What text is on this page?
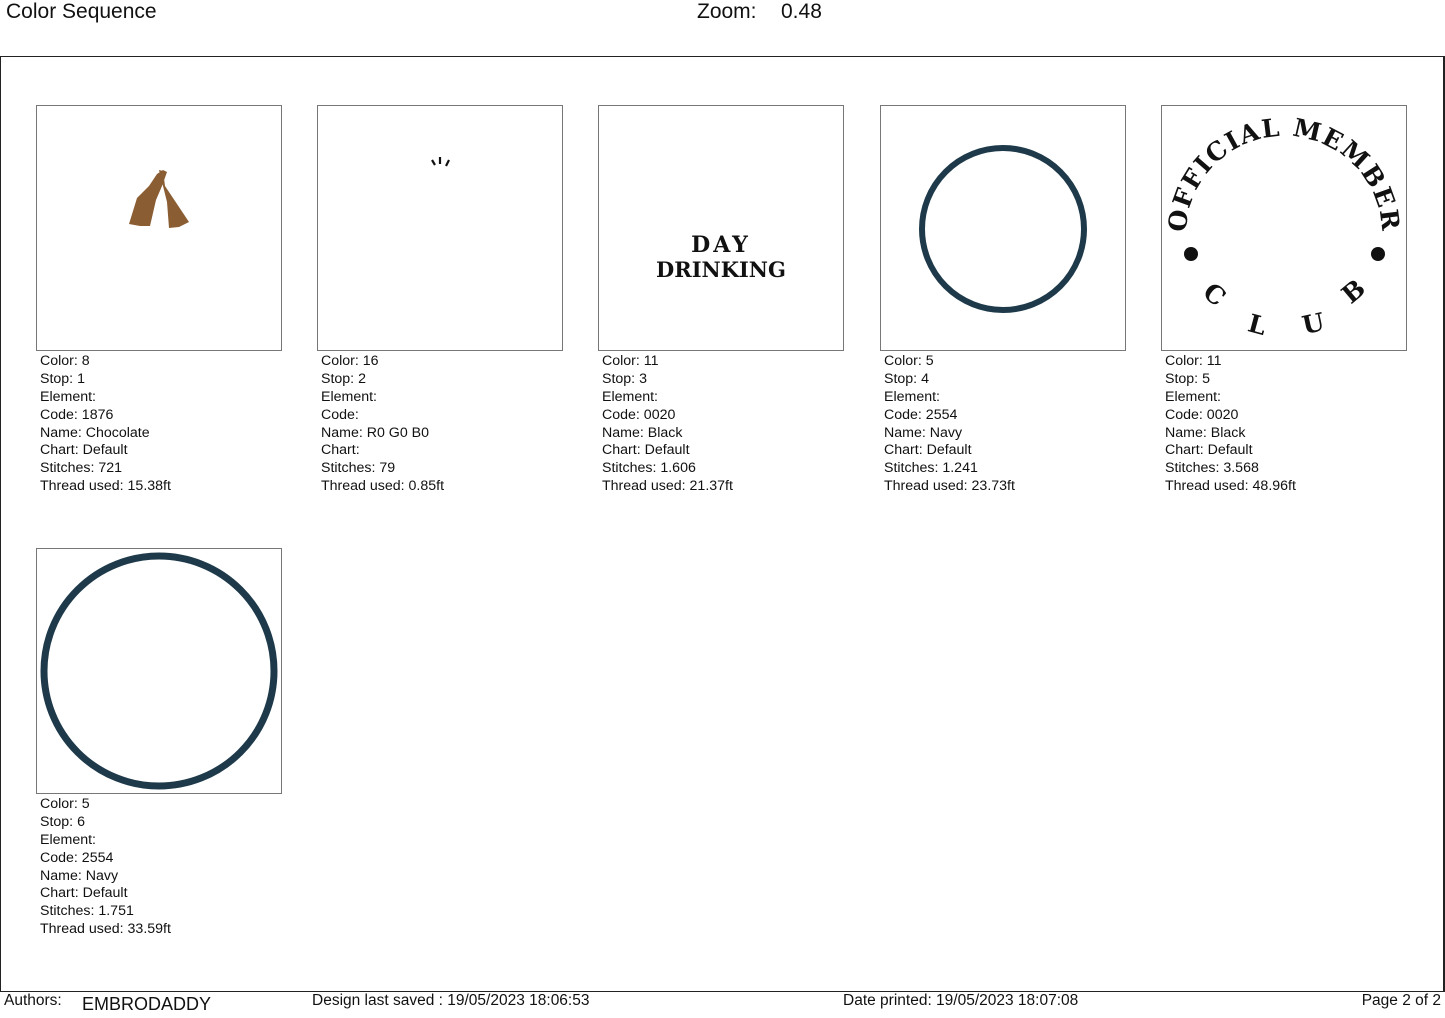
Color Sequence	Zoom: 0.48
Color: 8
Stop: 1
Element:
Code: 1876
Name: Chocolate
Chart: Default
Stitches: 721
Thread used: 15.38ft
Color: 16
Stop: 2
Element:
Code:
Name: R0 G0 B0
Chart:
Stitches: 79
Thread used: 0.85ft
DAY
DRINKING
Color: 11
Stop: 3
Element:
Code: 0020
Name: Black
Chart: Default
Stitches: 1.606
Thread used: 21.37ft
Color: 5
Stop: 4
Element:
Code: 2554
Name: Navy
Chart: Default
Stitches: 1.241
Thread used: 23.73ft
OFFICIAL MEMBER
C
L U
B
Color: 11
Stop: 5
Element:
Code: 0020
Name: Black
Chart: Default
Stitches: 3.568
Thread used: 48.96ft
Color: 5
Stop: 6
Element:
Code: 2554
Name: Navy
Chart: Default
Stitches: 1.751
Thread used: 33.59ft
Authors: EMBRODADDY	Design last saved : 19/05/2023 18:06:53	Date printed: 19/05/2023 18:07:08	Page 2 of 2
